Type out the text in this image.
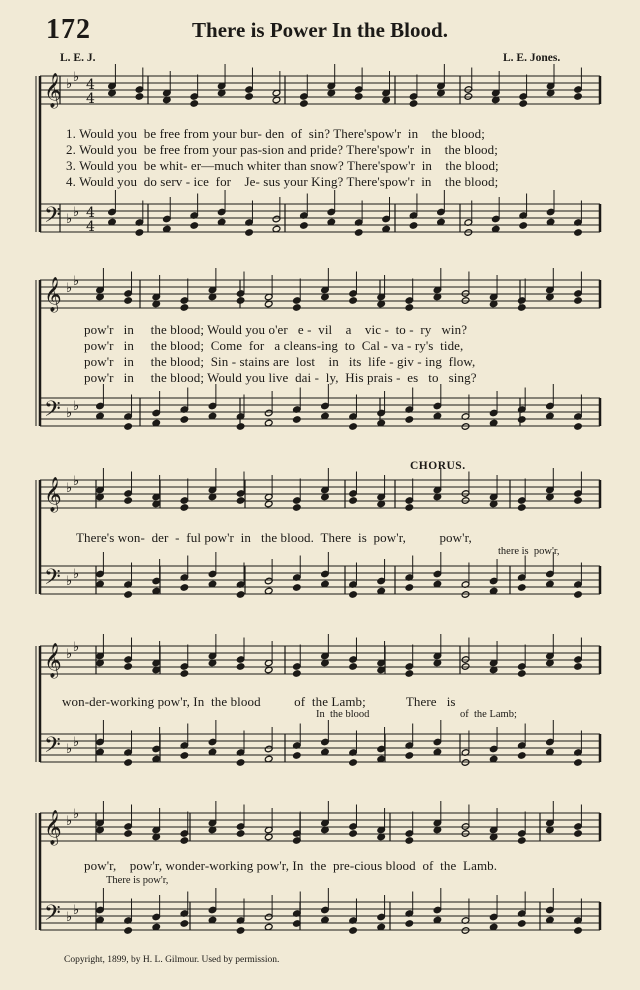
172	There is Power In the Blood.
L. E. J.	L. E. Jones.
𝄞
𝄢
♭ ♭
♭ ♭
4
4
4
4
𝄞
𝄢
♭ ♭
♭ ♭
𝄞
𝄢
♭ ♭
♭ ♭
𝄞
𝄢
♭ ♭
♭ ♭
𝄞
𝄢
♭ ♭
♭ ♭
1. Would you  be free from your bur- den  of  sin? There'spow'r  in    the blood;
2. Would you  be free from your pas-sion and pride? There'spow'r  in    the blood;
3. Would you  be whit- er—much whiter than snow? There'spow'r  in    the blood;
4. Would you  do serv - ice  for    Je- sus your King? There'spow'r  in    the blood;
pow'r   in     the blood; Would you o'er   e -  vil    a    vic -  to -  ry   win?
pow'r   in     the blood;  Come  for   a cleans-ing  to  Cal - va - ry's  tide,
pow'r   in     the blood;  Sin - stains are  lost    in   its  life - giv - ing  flow,
pow'r   in     the blood; Would you live  dai -  ly,  His prais -  es   to   sing?
CHORUS.
There's won-  der  -  ful pow'r  in   the blood.  There  is  pow'r,          pow'r,
there is  pow'r,
won-der-working pow'r, In  the blood          of  the Lamb;            There   is
In  the blood	of  the Lamb;
pow'r,    pow'r, wonder-working pow'r, In  the  pre-cious blood  of  the  Lamb.
There is pow'r,
Copyright, 1899, by H. L. Gilmour. Used by permission.
